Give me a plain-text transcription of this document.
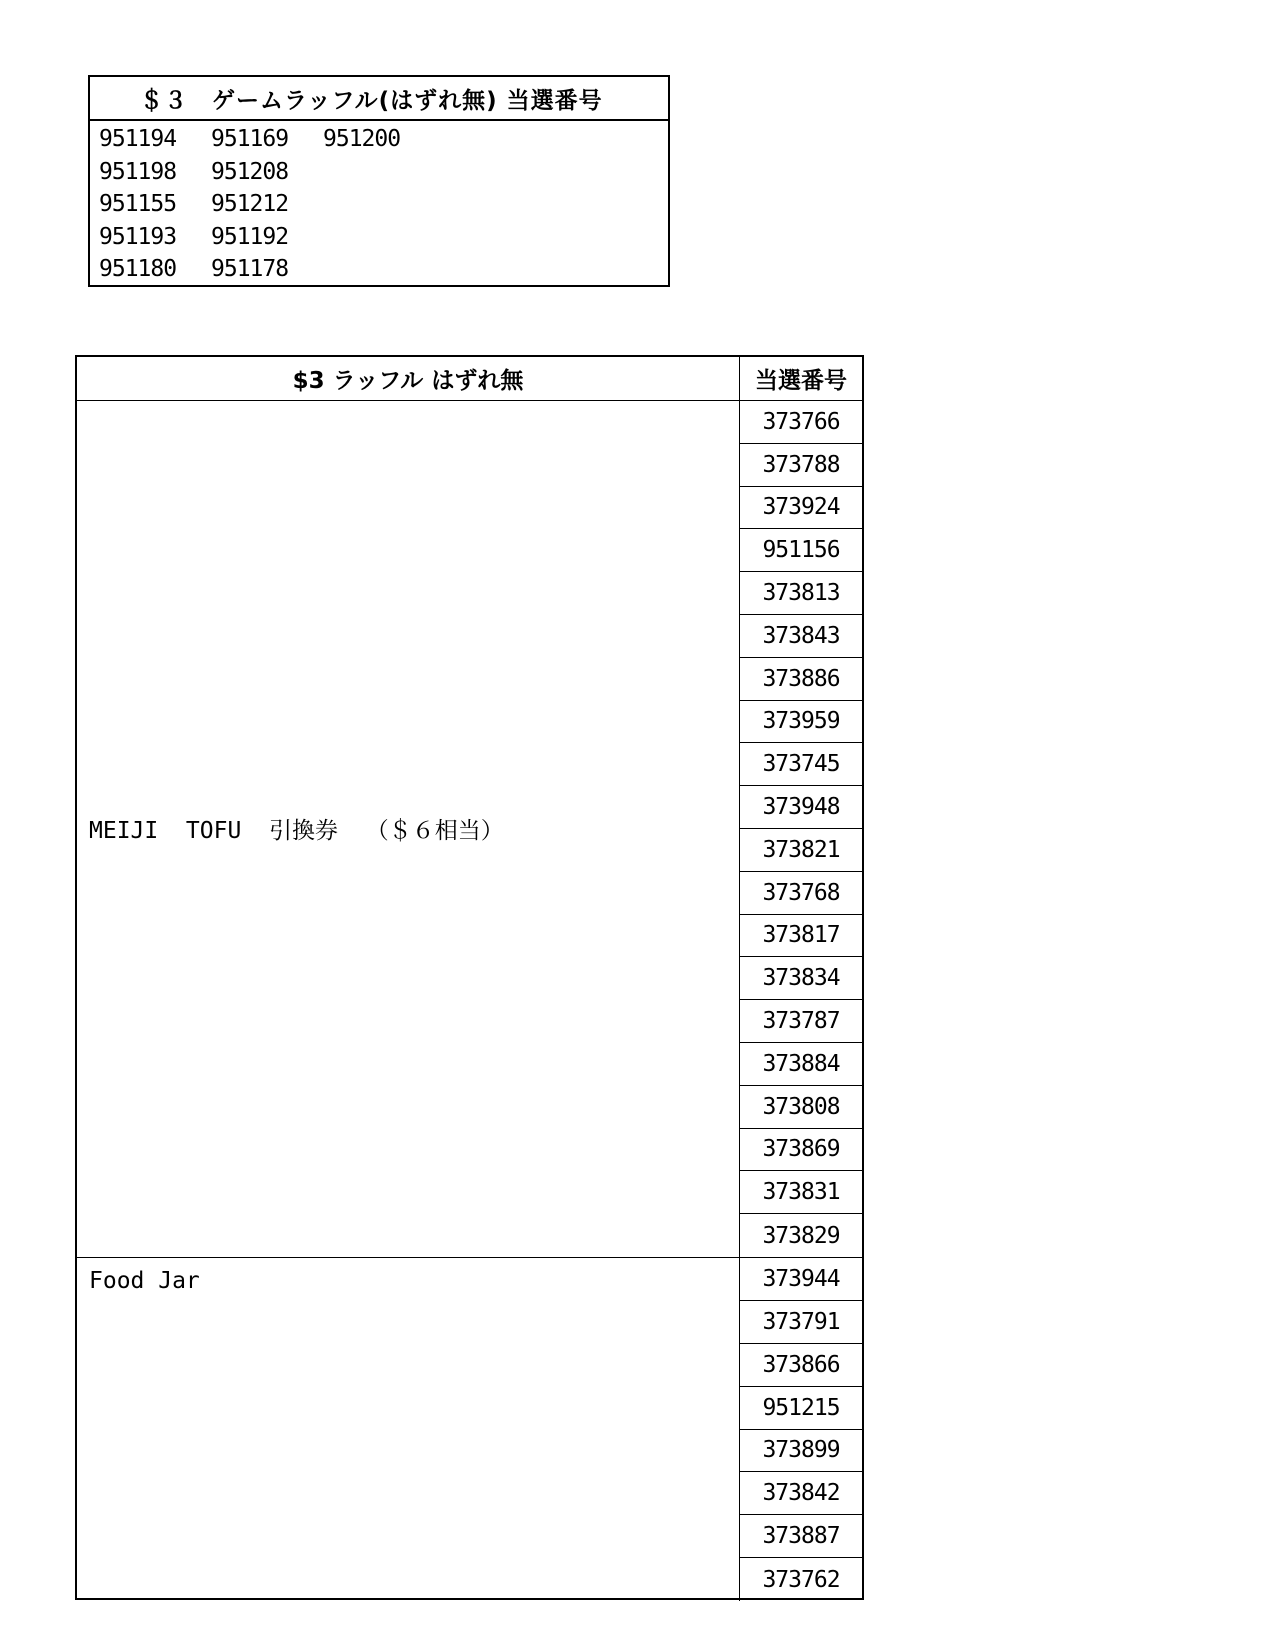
＄３	ゲームラッフル(はずれ無) 当選番号
951194	951169	951200
951198	951208
951155	951212
951193	951192
951180	951178
$3 ラッフル はずれ無	当選番号
MEIJI  TOFU  引換券  （＄６相当）
373766
373788
373924
951156
373813
373843
373886
373959
373745
373948
373821
373768
373817
373834
373787
373884
373808
373869
373831
373829
Food Jar	373944
373791
373866
951215
373899
373842
373887
373762
